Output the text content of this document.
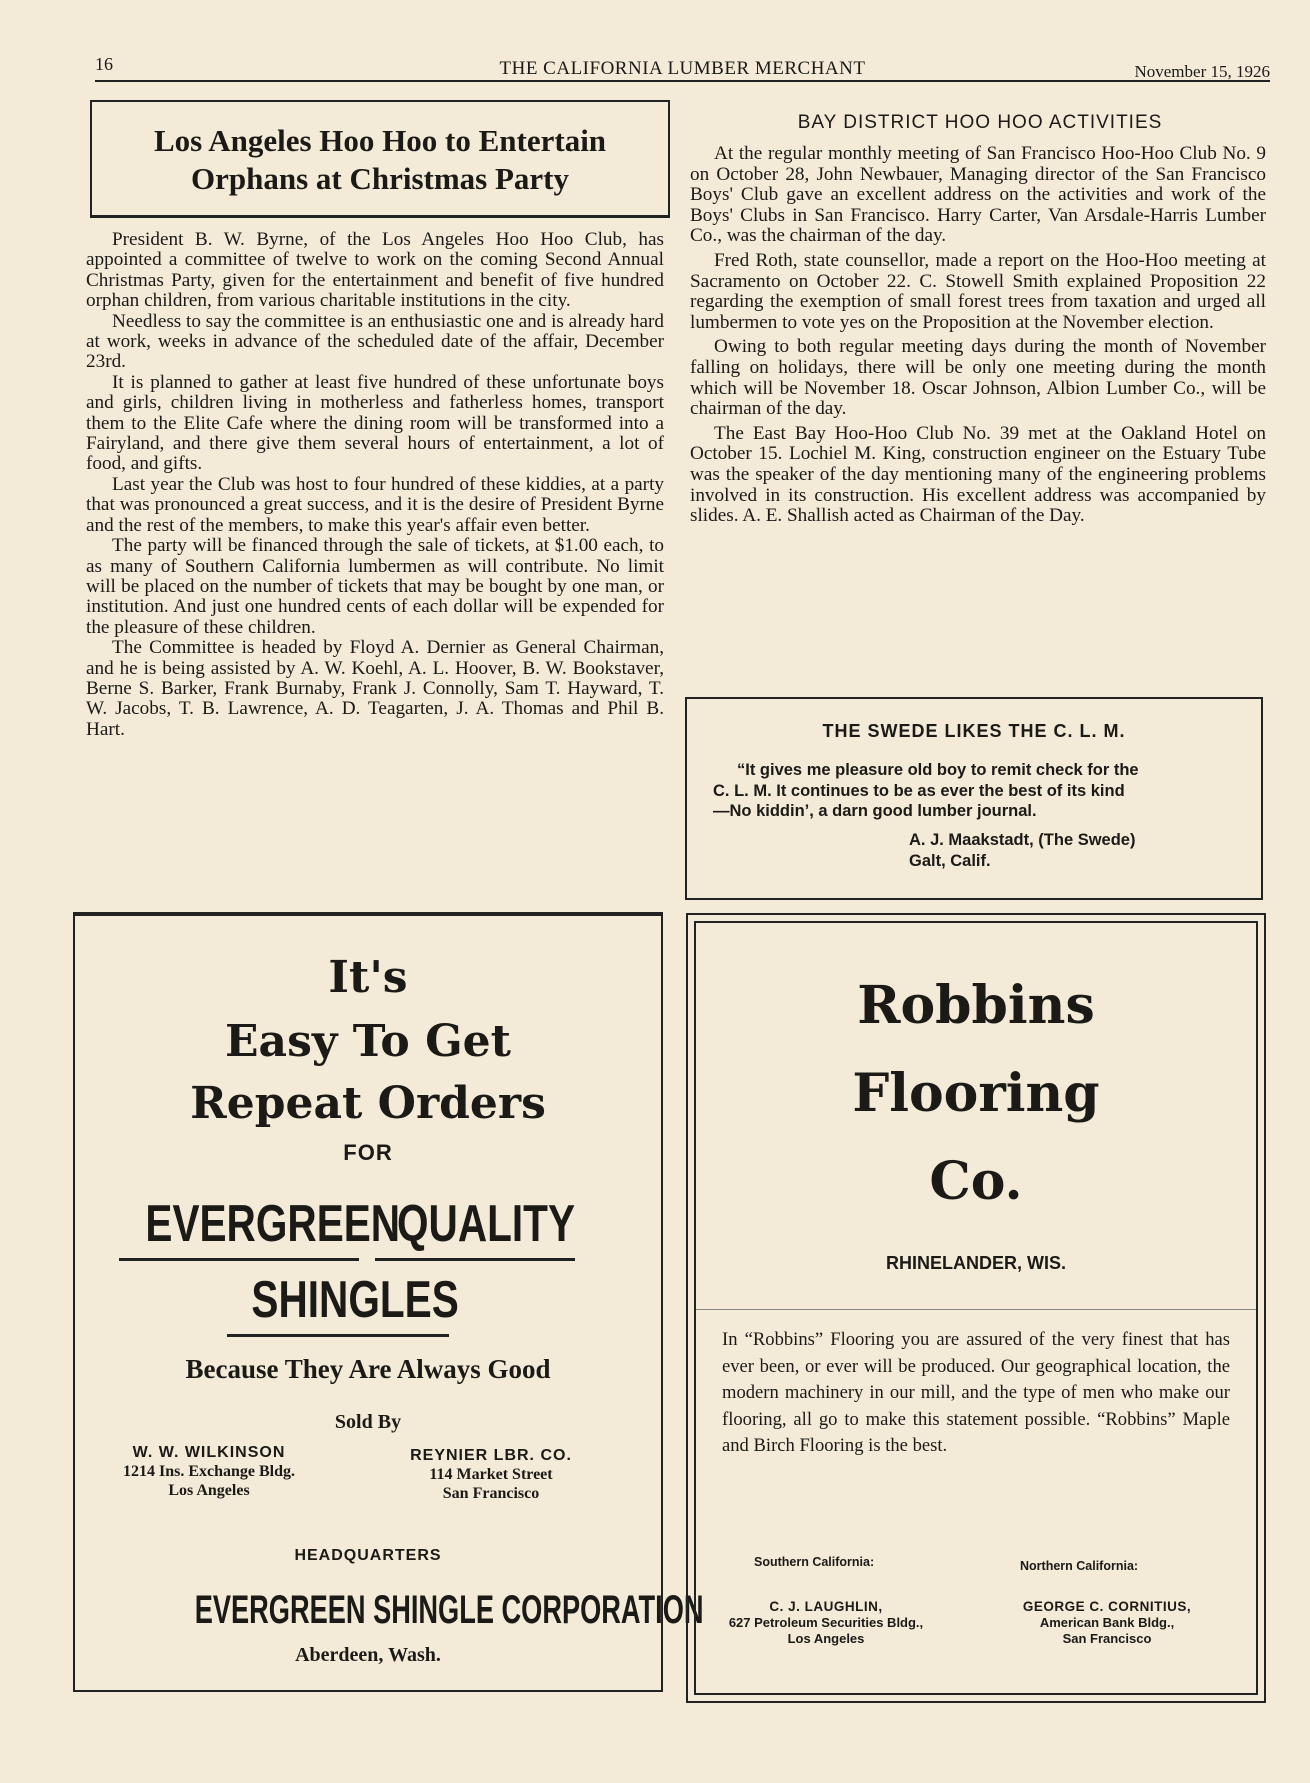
16	THE CALIFORNIA LUMBER MERCHANT	November 15, 1926
Los Angeles Hoo Hoo to Entertain
Orphans at Christmas Party

President B. W. Byrne, of the Los Angeles Hoo Hoo Club, has appointed a committee of twelve to work on the coming Second Annual Christmas Party, given for the entertainment and benefit of five hundred orphan children, from various charitable institutions in the city.

Needless to say the committee is an enthusiastic one and is already hard at work, weeks in advance of the scheduled date of the affair, December 23rd.

It is planned to gather at least five hundred of these unfortunate boys and girls, children living in motherless and fatherless homes, transport them to the Elite Cafe where the dining room will be transformed into a Fairyland, and there give them several hours of entertainment, a lot of food, and gifts.

Last year the Club was host to four hundred of these kiddies, at a party that was pronounced a great success, and it is the desire of President Byrne and the rest of the members, to make this year's affair even better.

The party will be financed through the sale of tickets, at $1.00 each, to as many of Southern California lumbermen as will contribute. No limit will be placed on the number of tickets that may be bought by one man, or institution. And just one hundred cents of each dollar will be expended for the pleasure of these children.

The Committee is headed by Floyd A. Dernier as General Chairman, and he is being assisted by A. W. Koehl, A. L. Hoover, B. W. Bookstaver, Berne S. Barker, Frank Burnaby, Frank J. Connolly, Sam T. Hayward, T. W. Jacobs, T. B. Lawrence, A. D. Teagarten, J. A. Thomas and Phil B. Hart.

BAY DISTRICT HOO HOO ACTIVITIES

At the regular monthly meeting of San Francisco Hoo-Hoo Club No. 9 on October 28, John Newbauer, Managing director of the San Francisco Boys' Club gave an excellent address on the activities and work of the Boys' Clubs in San Francisco. Harry Carter, Van Arsdale-Harris Lumber Co., was the chairman of the day.

Fred Roth, state counsellor, made a report on the Hoo-Hoo meeting at Sacramento on October 22. C. Stowell Smith explained Proposition 22 regarding the exemption of small forest trees from taxation and urged all lumbermen to vote yes on the Proposition at the November election.

Owing to both regular meeting days during the month of November falling on holidays, there will be only one meeting during the month which will be November 18. Oscar Johnson, Albion Lumber Co., will be chairman of the day.

The East Bay Hoo-Hoo Club No. 39 met at the Oakland Hotel on October 15. Lochiel M. King, construction engineer on the Estuary Tube was the speaker of the day mentioning many of the engineering problems involved in its construction. His excellent address was accompanied by slides. A. E. Shallish acted as Chairman of the Day.

THE SWEDE LIKES THE C. L. M.
“It gives me pleasure old boy to remit check for the
C. L. M. It continues to be as ever the best of its kind
—No kiddin’, a darn good lumber journal.
A. J. Maakstadt, (The Swede)
Galt, Calif.
It's
Easy To Get
Repeat Orders
FOR
EVERGREEN
QUALITY
SHINGLES
Because They Are Always Good
Sold By
W. W. WILKINSON
1214 Ins. Exchange Bldg.
Los Angeles
REYNIER LBR. CO.
114 Market Street
San Francisco
HEADQUARTERS
EVERGREEN SHINGLE CORPORATION
Aberdeen, Wash.
Robbins
Flooring
Co.
RHINELANDER, WIS.
In “Robbins” Flooring you are assured of the very finest that has ever been, or ever will be produced. Our geographical location, the modern machinery in our mill, and the type of men who make our flooring, all go to make this statement possible. “Robbins” Maple and Birch Flooring is the best.
Southern California:	Northern California:
C. J. LAUGHLIN,
627 Petroleum Securities Bldg.,
Los Angeles
GEORGE C. CORNITIUS,
American Bank Bldg.,
San Francisco
